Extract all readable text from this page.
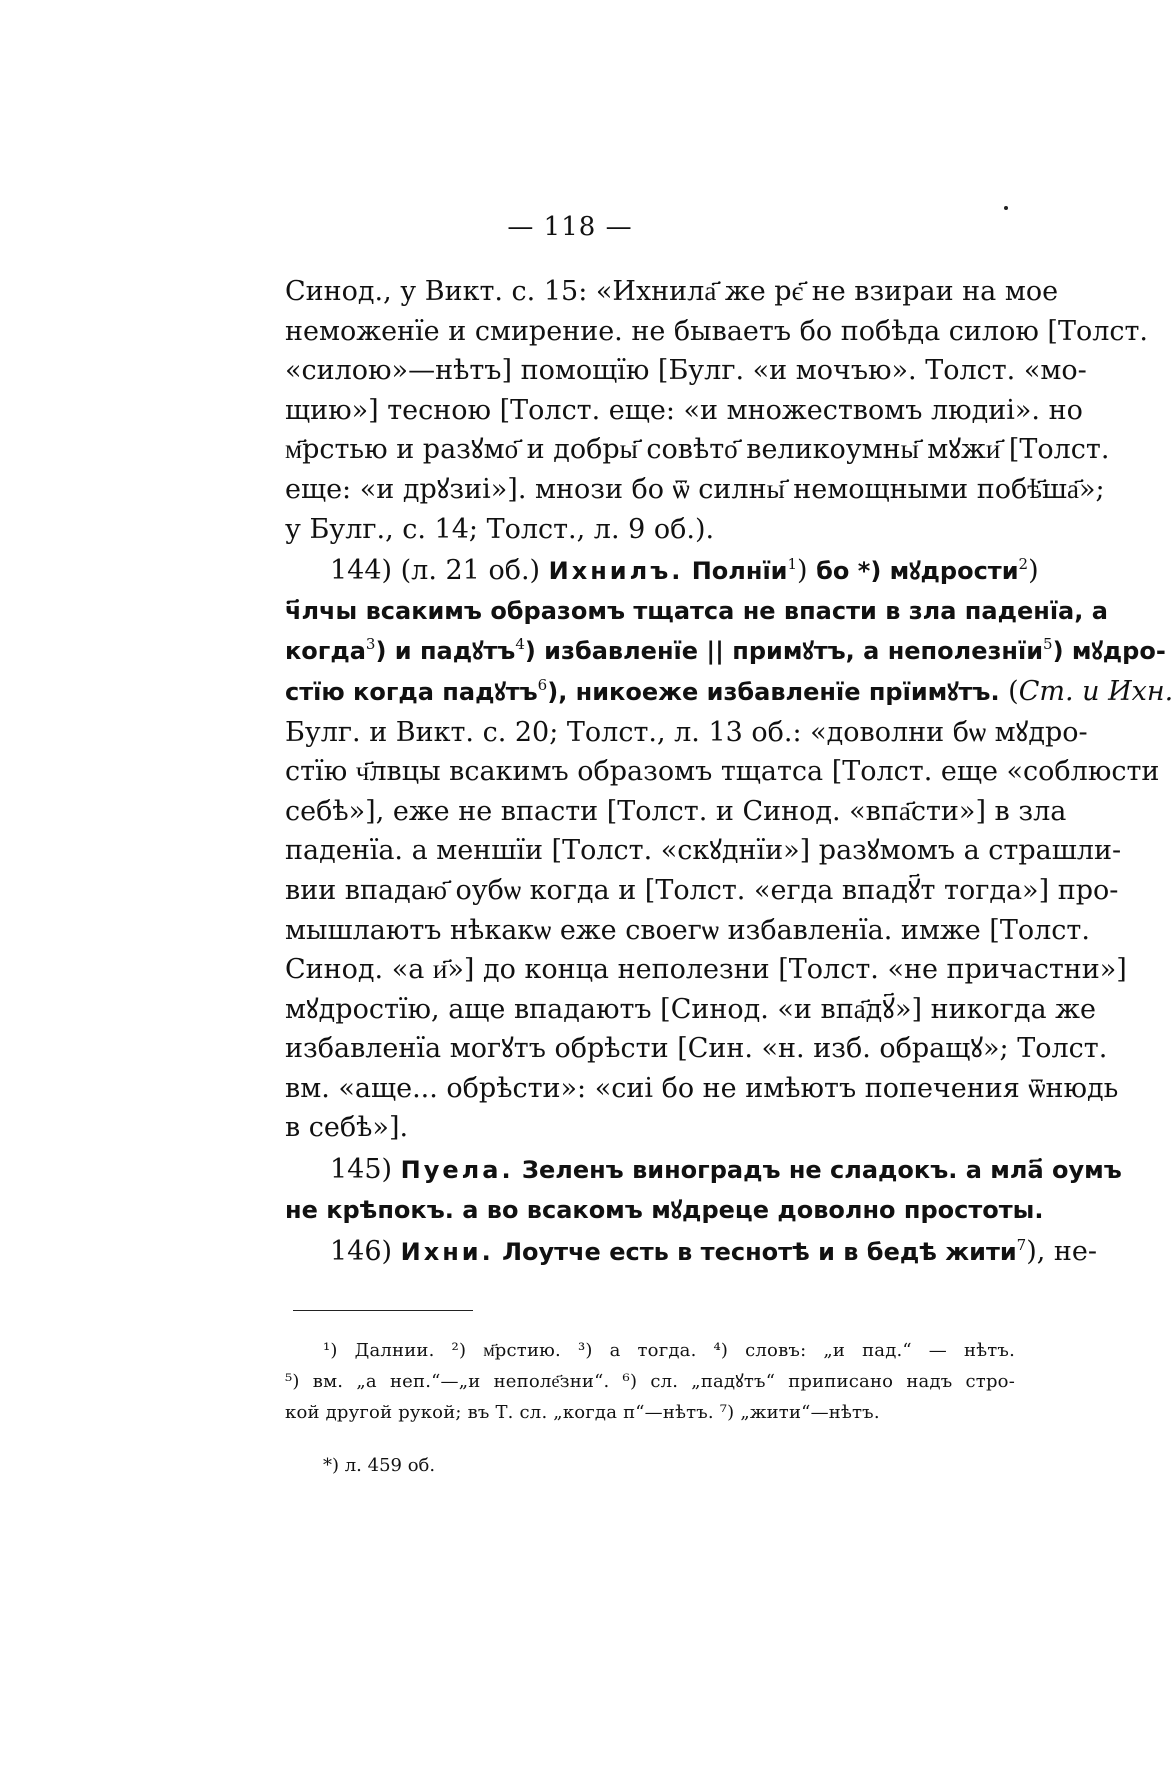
— 118 —
Синод., у Викт. с. 15: «Ихнила҃ же рє҃ не взираи на мое
неможенїе и смирение. не бываетъ бо побѣда силою [Толст.
«силою»—нѣтъ] помощїю [Булг. «и мочъю». Толст. «мо-
щию»] тесною [Толст. еще: «и множествомъ людиі». но
м҃рстью и разꙋмо҃ и добры҃ совѣто҃ великоумны҃ мꙋжи҃ [Толст.
еще: «и дрꙋзиі»]. мнози бо ѿ силны҃ немощными побѣ҃ша҃»;
у Булг., с. 14; Толст., л. 9 об.).
144) (л. 21 об.) Ихнилъ. Полнїи$^1$) бо *) мꙋдрости$^2$)
ч҃лчы всакимъ образомъ тщатса не впасти в зла паденїа, а
когда$^3$) и падꙋтъ$^4$) избавленїе || примꙋтъ, а неполезнїи$^5$) мꙋдро-
стїю когда падꙋтъ$^6$), никоеже избавленїе прїимꙋтъ. (Ст. и Ихн.
Булг. и Викт. с. 20; Толст., л. 13 об.: «доволни бѡ мꙋдро-
стїю ч҃лвцы всакимъ образомъ тщатса [Толст. еще «соблюсти
себѣ»], еже не впасти [Толст. и Синод. «впа҃сти»] в зла
паденїа. а меншїи [Толст. «скꙋднїи»] разꙋмомъ а страшли-
вии впадаю҃ оубѡ когда и [Толст. «егда впадꙋ҃т тогда»] про-
мышлаютъ нѣкакѡ еже своегѡ избавленїа. имже [Толст.
Синод. «а и҃»] до конца неполезни [Толст. «не причастни»]
мꙋдростїю, аще впадаютъ [Синод. «и впа҃дꙋ҃»] никогда же
избавленїа могꙋтъ обрѣсти [Син. «н. изб. обращꙋ»; Толст.
вм. «аще... обрѣсти»: «сиі бо не имѣютъ попечения ѿнюдь
в себѣ»].
145) Пуела. Зеленъ виноградъ не сладокъ. а мла҃ оумъ
не крѣпокъ. а во всакомъ мꙋдреце доволно простоты.
146) Ихни. Лоутче есть в теснотѣ и в бедѣ жити$^7$), не-
¹) Далнии. ²) м҃рстию. ³) а тогда. ⁴) словъ: „и пад.“ — нѣтъ.
⁵) вм. „а неп.“—„и неполе҃зни“. ⁶) сл. „падꙋтъ“ приписано надъ стро-
кой другой рукой; въ Т. сл. „когда п“—нѣтъ. ⁷) „жити“—нѣтъ.
*) л. 459 об.
